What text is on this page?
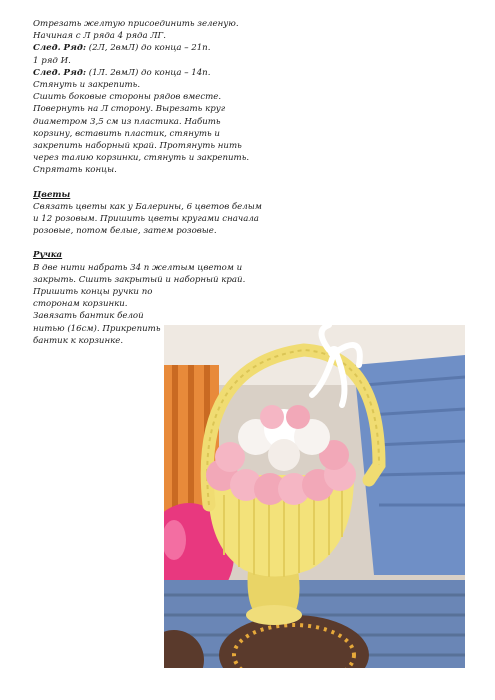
Отрезать желтую присоединить зеленую.
Начиная с Л ряда 4 ряда ЛГ.
След. Ряд: (2Л, 2вмЛ) до конца – 21п.
1 ряд И.
След. Ряд: (1Л. 2вмЛ) до конца – 14п.
Стянуть и закрепить.
Сшить боковые стороны рядов вместе.
Повернуть на Л сторону. Вырезать круг
диаметром 3,5 см из пластика. Набить
корзину, вставить пластик, стянуть и
закрепить наборный край. Протянуть нить
через талию корзинки, стянуть и закрепить.
Спрятать концы.
Цветы
Связать цветы как у Балерины, 6 цветов белым
и 12 розовым. Пришить цветы кругами сначала
розовые, потом белые, затем розовые.
Ручка
В две нити набрать 34 п желтым цветом и
закрыть. Сшить закрытый и наборный край.
Пришить концы ручки по
сторонам корзинки.
Завязать бантик белой
нитью (16см). Прикрепить
бантик к корзинке.
